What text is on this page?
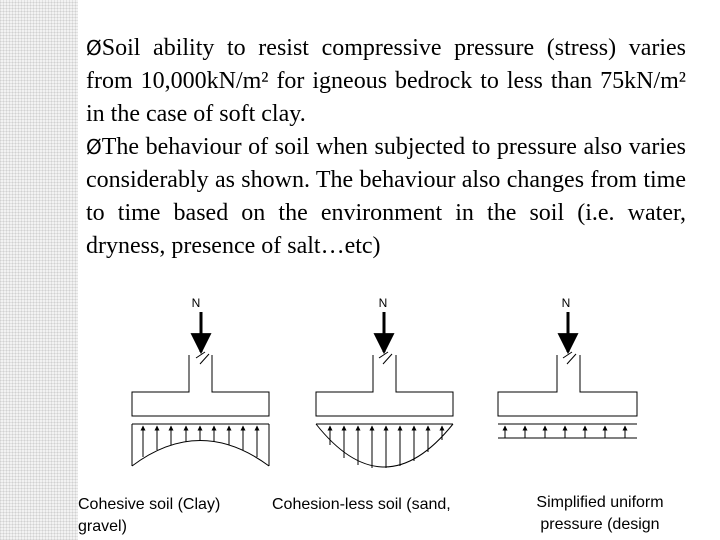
ØSoil ability to resist compressive pressure (stress) varies from 10,000kN/m² for igneous bedrock to less than 75kN/m² in the case of soft clay.

ØThe behaviour of soil when subjected to pressure also varies considerably as shown. The behaviour also changes from time to time based on the environment in the soil (i.e. water, dryness, presence of salt…etc)

N	N	N
Cohesive soil (Clay) gravel)
Cohesion-less soil (sand,	Simplified uniform pressure (design
